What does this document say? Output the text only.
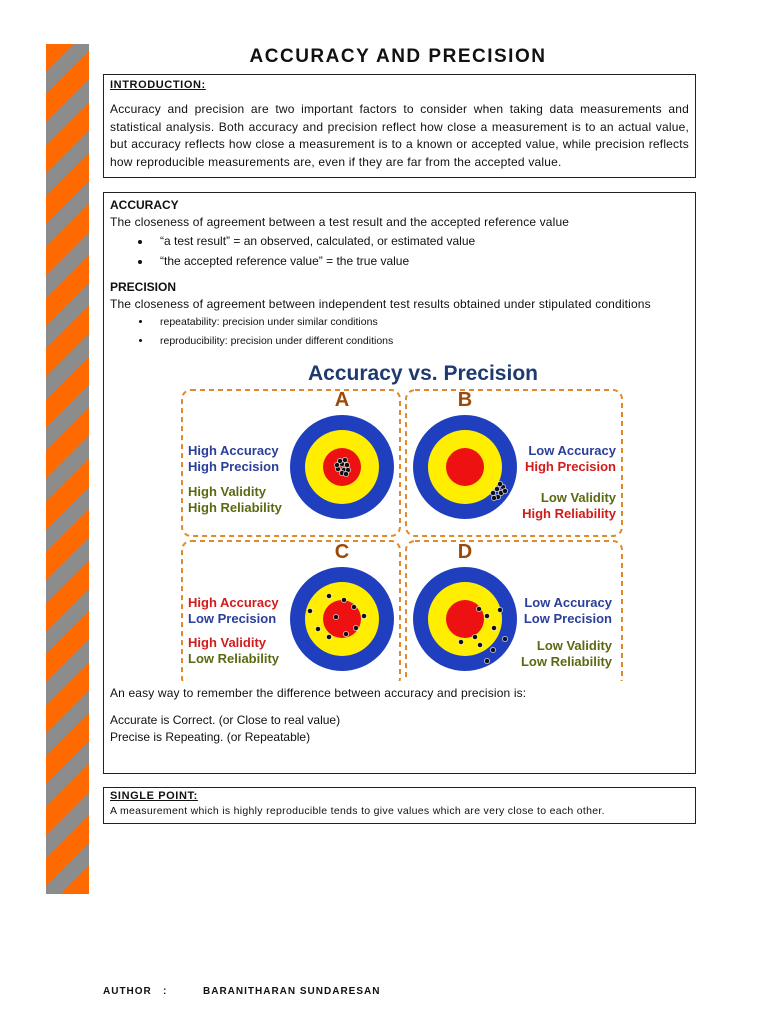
ACCURACY AND PRECISION
INTRODUCTION:
Accuracy and precision are two important factors to consider when taking data measurements and statistical analysis. Both accuracy and precision reflect how close a measurement is to an actual value, but accuracy reflects how close a measurement is to a known or accepted value, while precision reflects how reproducible measurements are, even if they are far from the accepted value.
ACCURACY
The closeness of agreement between a test result and the accepted reference value
• “a test result” = an observed, calculated, or estimated value
• “the accepted reference value” = the true value
PRECISION
The closeness of agreement between independent test results obtained under stipulated conditions
• repeatability: precision under similar conditions
• reproducibility: precision under different conditions
Accuracy vs. Precision
A
High Accuracy
High Precision
High Validity
High Reliability
B
Low Accuracy
High Precision
Low Validity
High Reliability
C
High Accuracy
Low Precision
High Validity
Low Reliability
D
Low Accuracy
Low Precision
Low Validity
Low Reliability
An easy way to remember the difference between accuracy and precision is:
Accurate is Correct. (or Close to real value)
Precise is Repeating. (or Repeatable)
SINGLE POINT:
A measurement which is highly reproducible tends to give values which are very close to each other.
AUTHOR :	BARANITHARAN SUNDARESAN
